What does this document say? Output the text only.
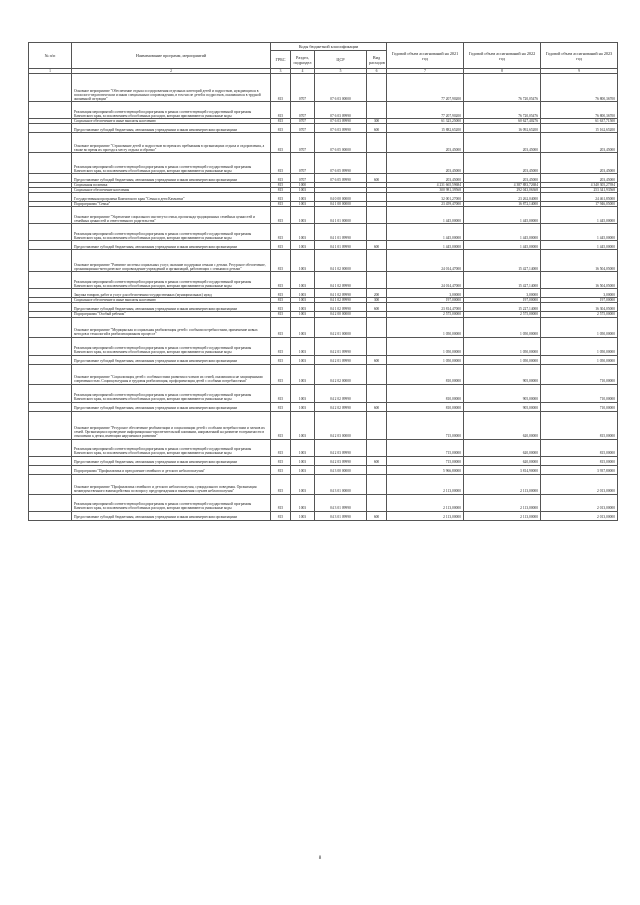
№ п/п	Наименование программ, мероприятий	Коды бюджетной классификации				Годовой объем ассигнований на 2021 год	Годовой объем ассигнований на 2022 год	Годовой объем ассигнований на 2023 год
		ГРБС	Раздел, подраздел	ЦСР	Вид расходов			
1	2	3	4	5	6	7	8	9
	Основное мероприятие "Обеспечение отдыха и оздоровления отдельных категорий детей и подростков, нуждающихся в психолого-педагогическом и иным специальным сопровождении, в том числе детей и подростков, оказавшихся в трудной жизненной ситуации"	815	0707	07 6 03 00000		77 207,90200	76 720,05476	76 800,36700
	Реализация мероприятий соответствующей подпрограммы в рамках соответствующей государственной программы Камчатского края, за исключением обособленных расходов, которым присваиваются уникальные коды	815	0707	07 6 03 09990		77 207,90200	76 720,05476	76 800,36700
	Социальное обеспечение и иные выплаты населению	815	0707	07 6 03 09990	300	61 325,25000	60 627,40276	61 637,71500
	Предоставление субсидий бюджетным, автономным учреждениям и иным некоммерческим организациям	815	0707	07 6 03 09990	600	15 882,65200	16 092,65200	15 162,65200
	Основное мероприятие "Страхование детей и подростков во время их пребывания в организациях отдыха и оздоровления, а также во время их проезда к месту отдыха и обратно"	815	0707	07 6 05 00000		203,45000	203,45000	203,45000
	Реализация мероприятий соответствующей подпрограммы в рамках соответствующей государственной программы Камчатского края, за исключением обособленных расходов, которым присваиваются уникальные коды	815	0707	07 6 05 09990		203,45000	203,45000	203,45000
	Предоставление субсидий бюджетным, автономным учреждениям и иным некоммерческим организациям	815	0707	07 6 05 09990	600	203,45000	203,45000	203,45000
	Социальная политика	815	1000			4 231 665,59684	4 387 883,72684	4 340 305,27394
	Социальное обеспечение населения	815	1003			300 981,39568	292 043,06368	253 341,93568
	Государственная программа Камчатского края "Семья и дети Камчатки"	815	1003	04 0 00 00000		32 001,27000	23 262,04000	24 461,85000
	Подпрограмма "Семья"	815	1003	04 1 00 00000		23 459,47000	16 872,14000	17 946,05000
	Основное мероприятие "Укрепление социального института семьи, пропаганда традиционных семейных ценностей и семейных ценностей и ответственного родительства"	815	1003	04 1 01 00000		1 445,00000	1 445,00000	1 445,00000
	Реализация мероприятий соответствующей подпрограммы в рамках соответствующей государственной программы Камчатского края, за исключением обособленных расходов, которым присваиваются уникальные коды	815	1003	04 1 01 09990		1 445,00000	1 445,00000	1 445,00000
	Предоставление субсидий бюджетным, автономным учреждениям и иным некоммерческим организациям	815	1003	04 1 01 09990	600	1 445,00000	1 445,00000	1 445,00000
	Основное мероприятие "Развитие системы социальных услуг, оказание поддержки семьям с детьми. Ресурсное обеспечение, организационно-методическое сопровождение учреждений и организаций, работающих с семьями и детьми"	815	1003	04 1 02 00000		24 014,47000	15 427,14000	16 504,05000
	Реализация мероприятий соответствующей подпрограммы в рамках соответствующей государственной программы Камчатского края, за исключением обособленных расходов, которым присваиваются уникальные коды	815	1003	04 1 02 09990		24 014,47000	15 427,14000	16 504,05000
	Закупка товаров, работ и услуг для обеспечения государственных (муниципальных) нужд	815	1003	04 1 02 09990	200	3,00000	3,00000	3,00000
	Социальное обеспечение и иные выплаты населению	815	1003	04 1 02 09990	300	197,00000	197,00000	197,00000
	Предоставление субсидий бюджетным, автономным учреждениям и иным некоммерческим организациям	815	1003	04 1 02 09990	600	23 814,47000	15 227,14000	16 304,05000
	Подпрограмма "Особый ребенок"	815	1003	04 2 00 00000		2 575,00000	2 575,00000	2 575,00000
	Основное мероприятие "Медицинская и социальная реабилитация детей с особыми потребностями, применение новых методов и технологий в реабилитационном процессе"	815	1003	04 2 01 00000		1 050,00000	1 050,00000	1 050,00000
	Реализация мероприятий соответствующей подпрограммы в рамках соответствующей государственной программы Камчатского края, за исключением обособленных расходов, которым присваиваются уникальные коды	815	1003	04 2 01 09990		1 050,00000	1 050,00000	1 050,00000
	Предоставление субсидий бюджетным, автономным учреждениям и иным некоммерческим организациям	815	1003	04 2 01 09990	600	1 050,00000	1 050,00000	1 050,00000
	Основное мероприятие "Социализация детей с особенностями развития и членов их семей, оказавшихся не защищенными современностью. Социокультурная и трудовая реабилитация, профориентация детей с особыми потребностями"	815	1003	04 2 02 00000		810,00000	905,00000	710,00000
	Реализация мероприятий соответствующей подпрограммы в рамках соответствующей государственной программы Камчатского края, за исключением обособленных расходов, которым присваиваются уникальные коды	815	1003	04 2 02 09990		810,00000	905,00000	710,00000
	Предоставление субсидий бюджетным, автономным учреждениям и иным некоммерческим организациям	815	1003	04 2 02 09990	600	810,00000	905,00000	710,00000
	Основное мероприятие "Ресурсное обеспечение реабилитации и социализации детей с особыми потребностями и членов их семей. Организация и проведение информационно-просветительской кампании, направленной на развитие толерантности в отношении к детям, имеющим нарушения в развитии"	815	1003	04 2 03 00000		715,00000	620,00000	815,00000
	Реализация мероприятий соответствующей подпрограммы в рамках соответствующей государственной программы Камчатского края, за исключением обособленных расходов, которым присваиваются уникальные коды	815	1003	04 2 03 09990		715,00000	620,00000	815,00000
	Предоставление субсидий бюджетным, автономным учреждениям и иным некоммерческим организациям	815	1003	04 2 03 09990	600	715,00000	620,00000	815,00000
	Подпрограмма "Профилактика и преодоление семейного и детского неблагополучия"	815	1003	04 3 00 00000		5 966,80000	3 814,90000	3 937,80000
	Основное мероприятие "Профилактика семейного и детского неблагополучия, суицидального поведения. Организация межведомственного взаимодействия по вопросу предупреждения и выявления случаев неблагополучия"	815	1003	04 3 01 00000		2 113,00000	2 113,00000	2 013,00000
	Реализация мероприятий соответствующей подпрограммы в рамках соответствующей государственной программы Камчатского края, за исключением обособленных расходов, которым присваиваются уникальные коды	815	1003	04 3 01 09990		2 113,00000	2 113,00000	2 013,00000
	Предоставление субсидий бюджетным, автономным учреждениям и иным некоммерческим организациям	815	1003	04 3 01 09990	600	2 113,00000	2 113,00000	2 013,00000
8
